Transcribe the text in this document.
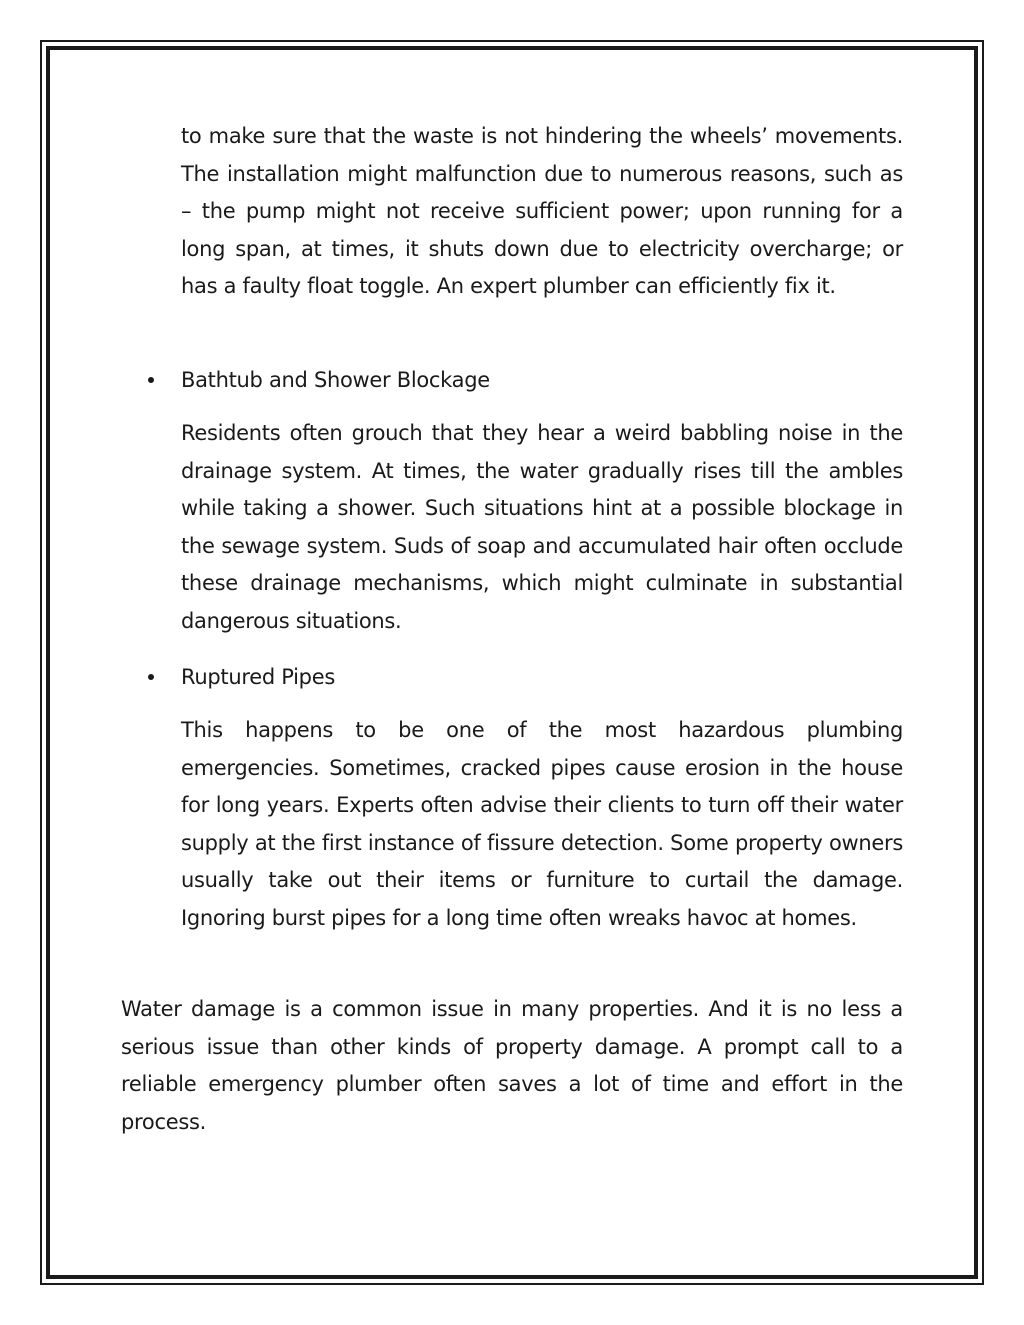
to make sure that the waste is not hindering the wheels’ movements. The installation might malfunction due to numerous reasons, such as – the pump might not receive sufficient power; upon running for a long span, at times, it shuts down due to electricity overcharge; or has a faulty float toggle. An expert plumber can efficiently fix it.

Bathtub and Shower Blockage

Residents often grouch that they hear a weird babbling noise in the drainage system. At times, the water gradually rises till the ambles while taking a shower. Such situations hint at a possible blockage in the sewage system. Suds of soap and accumulated hair often occlude these drainage mechanisms, which might culminate in substantial dangerous situations.

Ruptured Pipes

This happens to be one of the most hazardous plumbing emergencies. Sometimes, cracked pipes cause erosion in the house for long years. Experts often advise their clients to turn off their water supply at the first instance of fissure detection. Some property owners usually take out their items or furniture to curtail the damage. Ignoring burst pipes for a long time often wreaks havoc at homes.

Water damage is a common issue in many properties. And it is no less a serious issue than other kinds of property damage. A prompt call to a reliable emergency plumber often saves a lot of time and effort in the process.
